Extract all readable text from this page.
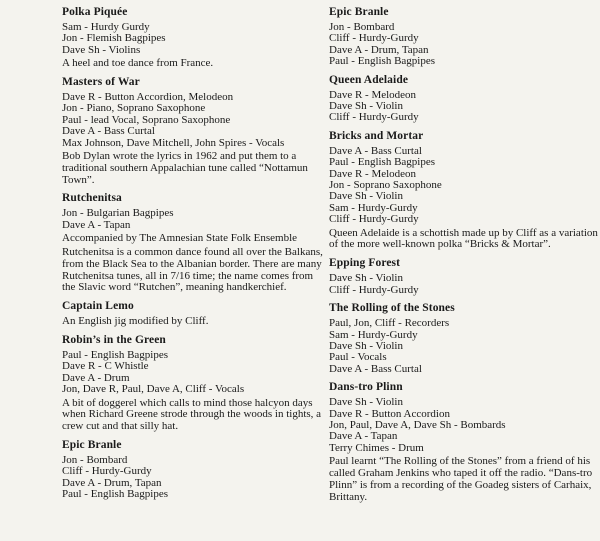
Polka Piquée
Sam - Hurdy Gurdy
Jon - Flemish Bagpipes
Dave Sh - Violins
A heel and toe dance from France.
Masters of War
Dave R - Button Accordion, Melodeon
Jon - Piano, Soprano Saxophone
Paul - lead Vocal, Soprano Saxophone
Dave A - Bass Curtal
Max Johnson, Dave Mitchell, John Spires - Vocals
Bob Dylan wrote the lyrics in 1962 and put them to a traditional southern Appalachian tune called “Nottamun Town”.
Rutchenitsa
Jon - Bulgarian Bagpipes
Dave A - Tapan
Accompanied by The Amnesian State Folk Ensemble
Rutchenitsa is a common dance found all over the Balkans, from the Black Sea to the Albanian border. There are many Rutchenitsa tunes, all in 7/16 time; the name comes from the Slavic word “Rutchen”, meaning handkerchief.
Captain Lemo
An English jig modified by Cliff.
Robin’s in the Green
Paul - English Bagpipes
Dave R - C Whistle
Dave A - Drum
Jon, Dave R, Paul, Dave A, Cliff - Vocals
A bit of doggerel which calls to mind those halcyon days when Richard Greene strode through the woods in tights, a crew cut and that silly hat.
Epic Branle
Jon - Bombard
Cliff - Hurdy-Gurdy
Dave A - Drum, Tapan
Paul - English Bagpipes
Epic Branle
Jon - Bombard
Cliff - Hurdy-Gurdy
Dave A - Drum, Tapan
Paul - English Bagpipes
Queen Adelaide
Dave R - Melodeon
Dave Sh - Violin
Cliff - Hurdy-Gurdy
Bricks and Mortar
Dave A - Bass Curtal
Paul - English Bagpipes
Dave R - Melodeon
Jon - Soprano Saxophone
Dave Sh - Violin
Sam - Hurdy-Gurdy
Cliff - Hurdy-Gurdy
Queen Adelaide is a schottish made up by Cliff as a variation of the more well-known polka “Bricks & Mortar”.
Epping Forest
Dave Sh - Violin
Cliff - Hurdy-Gurdy
The Rolling of the Stones
Paul, Jon, Cliff - Recorders
Sam - Hurdy-Gurdy
Dave Sh - Violin
Paul - Vocals
Dave A - Bass Curtal
Dans-tro Plinn
Dave Sh - Violin
Dave R - Button Accordion
Jon, Paul, Dave A, Dave Sh - Bombards
Dave A - Tapan
Terry Chimes - Drum
Paul learnt “The Rolling of the Stones” from a friend of his called Graham Jenkins who taped it off the radio. “Dans-tro Plinn” is from a recording of the Goadeg sisters of Carhaix, Brittany.
